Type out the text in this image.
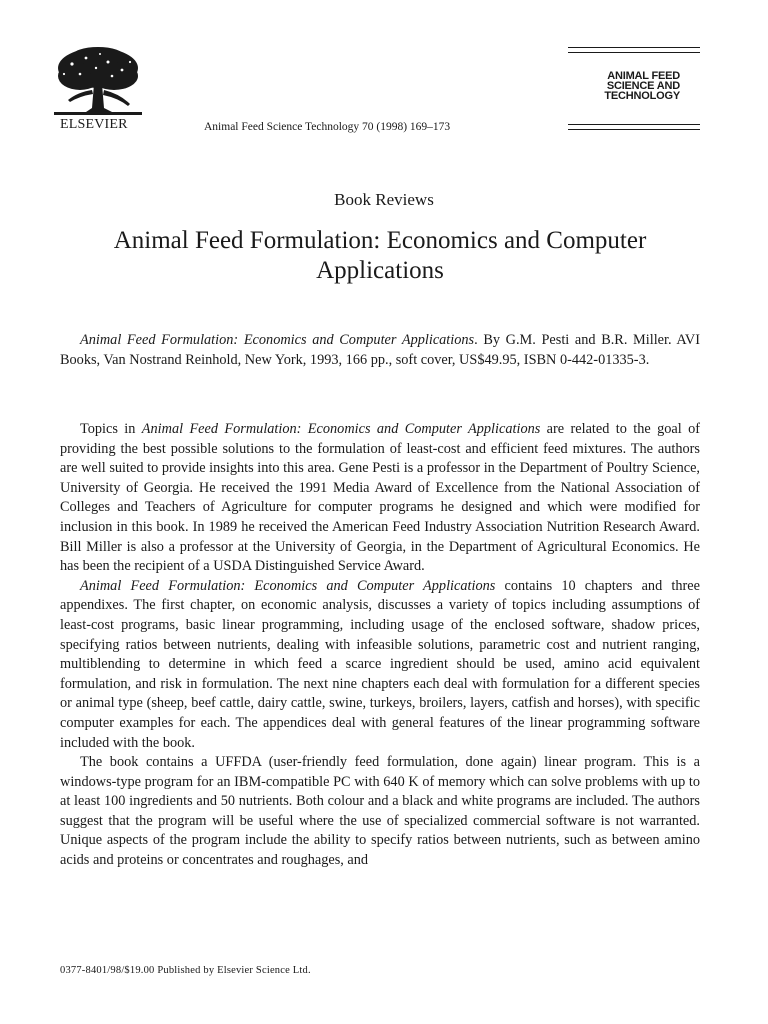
ELSEVIER	Animal Feed Science Technology 70 (1998) 169–173
ANIMAL FEED
SCIENCE AND
TECHNOLOGY
Book Reviews
Animal Feed Formulation: Economics and Computer Applications

Animal Feed Formulation: Economics and Computer Applications. By G.M. Pesti and B.R. Miller. AVI Books, Van Nostrand Reinhold, New York, 1993, 166 pp., soft cover, US$49.95, ISBN 0-442-01335-3.

Topics in Animal Feed Formulation: Economics and Computer Applications are related to the goal of providing the best possible solutions to the formulation of least-cost and efficient feed mixtures. The authors are well suited to provide insights into this area. Gene Pesti is a professor in the Department of Poultry Science, University of Georgia. He received the 1991 Media Award of Excellence from the National Association of Colleges and Teachers of Agriculture for computer programs he designed and which were modified for inclusion in this book. In 1989 he received the American Feed Industry Association Nutrition Research Award. Bill Miller is also a professor at the University of Georgia, in the Department of Agricultural Economics. He has been the recipient of a USDA Distinguished Service Award.

Animal Feed Formulation: Economics and Computer Applications contains 10 chapters and three appendixes. The first chapter, on economic analysis, discusses a variety of topics including assumptions of least-cost programs, basic linear programming, including usage of the enclosed software, shadow prices, specifying ratios between nutrients, dealing with infeasible solutions, parametric cost and nutrient ranging, multiblending to determine in which feed a scarce ingredient should be used, amino acid equivalent formulation, and risk in formulation. The next nine chapters each deal with formulation for a different species or animal type (sheep, beef cattle, dairy cattle, swine, turkeys, broilers, layers, catfish and horses), with specific computer examples for each. The appendices deal with general features of the linear programming software included with the book.

The book contains a UFFDA (user-friendly feed formulation, done again) linear program. This is a windows-type program for an IBM-compatible PC with 640 K of memory which can solve problems with up to at least 100 ingredients and 50 nutrients. Both colour and a black and white programs are included. The authors suggest that the program will be useful where the use of specialized commercial software is not warranted. Unique aspects of the program include the ability to specify ratios between nutrients, such as between amino acids and proteins or concentrates and roughages, and

0377-8401/98/$19.00 Published by Elsevier Science Ltd.
